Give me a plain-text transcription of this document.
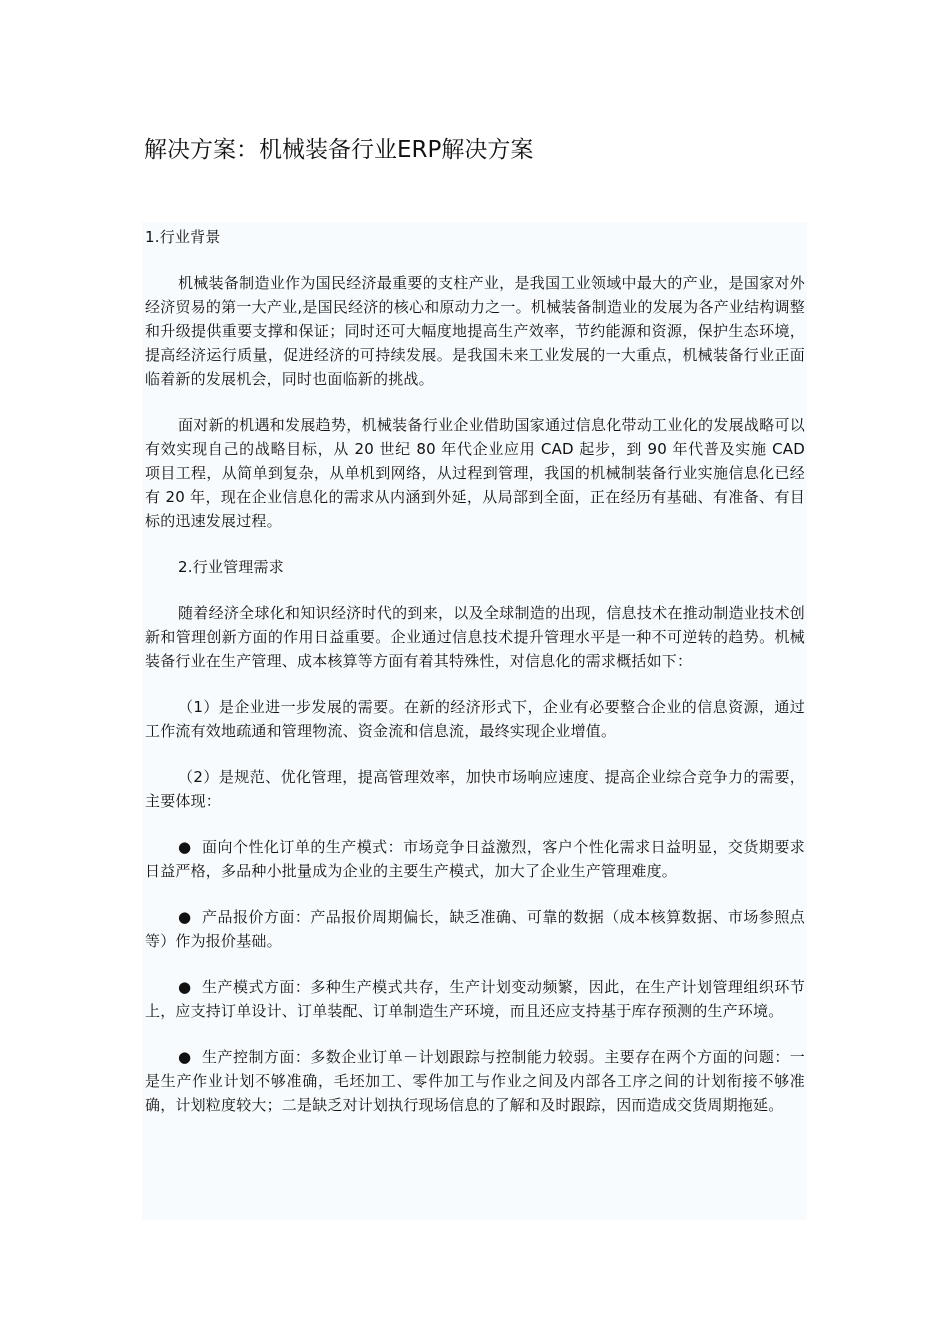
解决方案：机械装备行业ERP解决方案

1.行业背景

机械装备制造业作为国民经济最重要的支柱产业，是我国工业领域中最大的产业，是国家对外经济贸易的第一大产业,是国民经济的核心和原动力之一。机械装备制造业的发展为各产业结构调整和升级提供重要支撑和保证；同时还可大幅度地提高生产效率，节约能源和资源，保护生态环境，提高经济运行质量，促进经济的可持续发展。是我国未来工业发展的一大重点，机械装备行业正面临着新的发展机会，同时也面临新的挑战。

面对新的机遇和发展趋势，机械装备行业企业借助国家通过信息化带动工业化的发展战略可以有效实现自己的战略目标，从 20 世纪 80 年代企业应用 CAD 起步，到 90 年代普及实施 CAD 项目工程，从简单到复杂，从单机到网络，从过程到管理，我国的机械制装备行业实施信息化已经有 20 年，现在企业信息化的需求从内涵到外延，从局部到全面，正在经历有基础、有准备、有目标的迅速发展过程。

2.行业管理需求

随着经济全球化和知识经济时代的到来，以及全球制造的出现，信息技术在推动制造业技术创新和管理创新方面的作用日益重要。企业通过信息技术提升管理水平是一种不可逆转的趋势。机械装备行业在生产管理、成本核算等方面有着其特殊性，对信息化的需求概括如下：

（1）是企业进一步发展的需要。在新的经济形式下，企业有必要整合企业的信息资源，通过工作流有效地疏通和管理物流、资金流和信息流，最终实现企业增值。

（2）是规范、优化管理，提高管理效率，加快市场响应速度、提高企业综合竞争力的需要，主要体现：

● 面向个性化订单的生产模式：市场竞争日益激烈，客户个性化需求日益明显，交货期要求日益严格，多品种小批量成为企业的主要生产模式，加大了企业生产管理难度。

● 产品报价方面：产品报价周期偏长，缺乏准确、可靠的数据（成本核算数据、市场参照点等）作为报价基础。

● 生产模式方面：多种生产模式共存，生产计划变动频繁，因此，在生产计划管理组织环节上，应支持订单设计、订单装配、订单制造生产环境，而且还应支持基于库存预测的生产环境。

● 生产控制方面：多数企业订单－计划跟踪与控制能力较弱。主要存在两个方面的问题：一是生产作业计划不够准确，毛坯加工、零件加工与作业之间及内部各工序之间的计划衔接不够准确，计划粒度较大；二是缺乏对计划执行现场信息的了解和及时跟踪，因而造成交货周期拖延。
